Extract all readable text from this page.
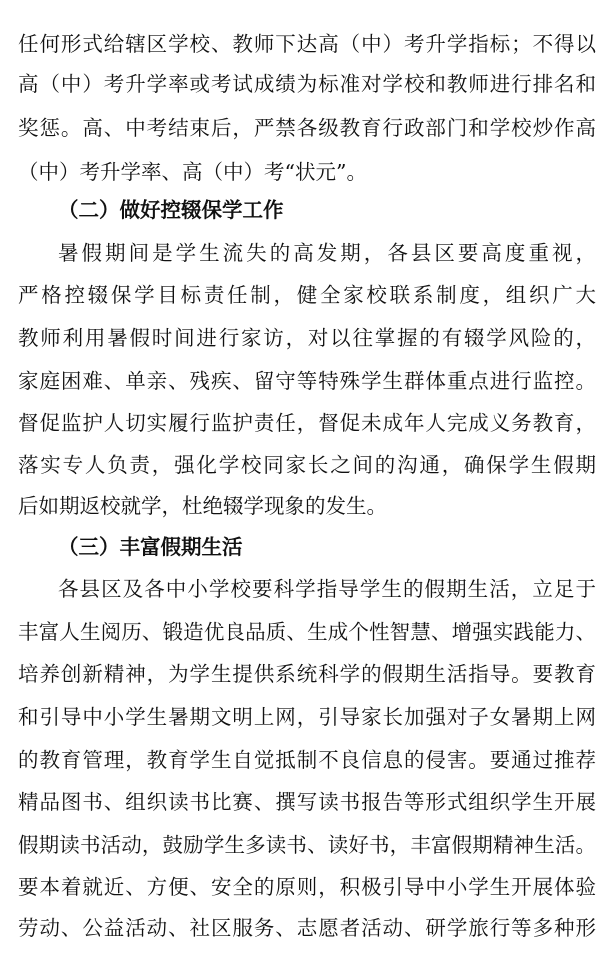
任何形式给辖区学校、教师下达高（中）考升学指标；不得以
高（中）考升学率或考试成绩为标准对学校和教师进行排名和
奖惩。高、中考结束后，严禁各级教育行政部门和学校炒作高
（中）考升学率、高（中）考“状元”。
（二）做好控辍保学工作
暑假期间是学生流失的高发期，各县区要高度重视，
严格控辍保学目标责任制，健全家校联系制度，组织广大
教师利用暑假时间进行家访，对以往掌握的有辍学风险的，
家庭困难、单亲、残疾、留守等特殊学生群体重点进行监控。
督促监护人切实履行监护责任，督促未成年人完成义务教育，
落实专人负责，强化学校同家长之间的沟通，确保学生假期
后如期返校就学，杜绝辍学现象的发生。
（三）丰富假期生活
各县区及各中小学校要科学指导学生的假期生活，立足于
丰富人生阅历、锻造优良品质、生成个性智慧、增强实践能力、
培养创新精神，为学生提供系统科学的假期生活指导。要教育
和引导中小学生暑期文明上网，引导家长加强对子女暑期上网
的教育管理，教育学生自觉抵制不良信息的侵害。要通过推荐
精品图书、组织读书比赛、撰写读书报告等形式组织学生开展
假期读书活动，鼓励学生多读书、读好书，丰富假期精神生活。
要本着就近、方便、安全的原则，积极引导中小学生开展体验
劳动、公益活动、社区服务、志愿者活动、研学旅行等多种形
